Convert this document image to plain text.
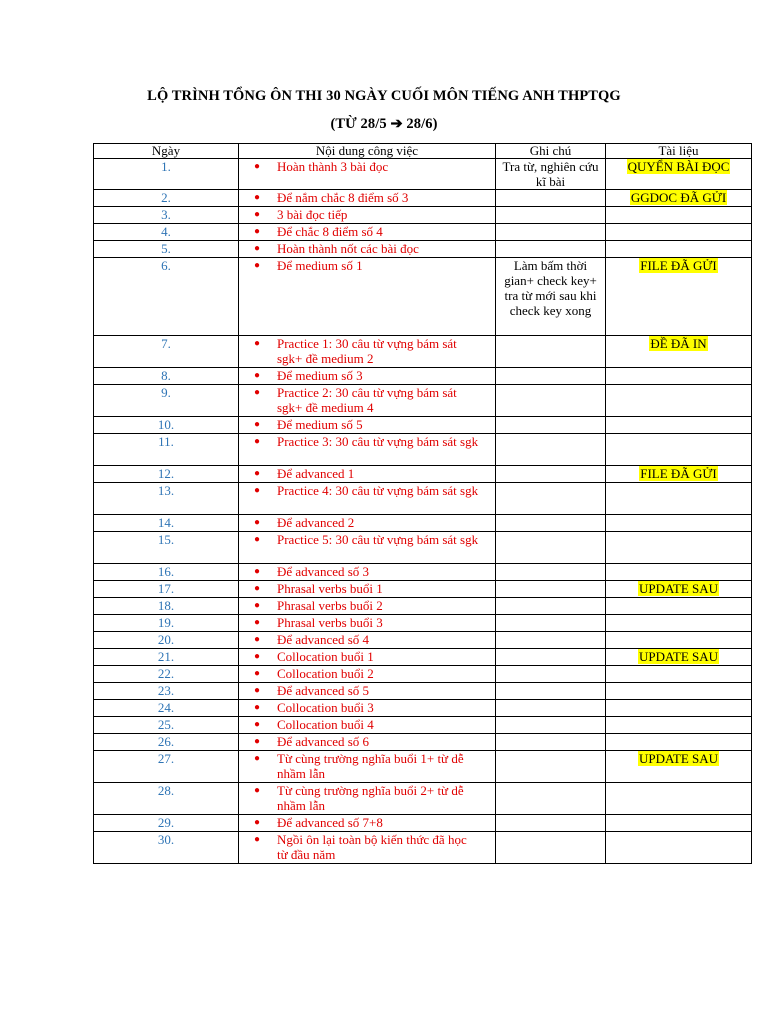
LỘ TRÌNH TỔNG ÔN THI 30 NGÀY CUỐI MÔN TIẾNG ANH THPTQG
(TỪ 28/5 ➔ 28/6)
Ngày	Nội dung công việc	Ghi chú	Tài liệu
1.	● Hoàn thành 3 bài đọc	Tra từ, nghiên cứu kĩ bài	QUYỂN BÀI ĐỌC
2.	● Để nắm chắc 8 điểm số 3		GGDOC ĐÃ GỬI
3.	● 3 bài đọc tiếp		

4.	● Để chắc 8 điểm số 4		

5.	● Hoàn thành nốt các bài đọc		

6.	● Để medium số 1	Làm bấm thời gian+ check key+ tra từ mới sau khi check key xong	FILE ĐÃ GỬI
7.	● Practice 1: 30 câu từ vựng bám sát sgk+ đề medium 2		ĐỀ ĐÃ IN
8.	● Để medium số 3		

9.	● Practice 2: 30 câu từ vựng bám sát sgk+ đề medium 4		

10.	● Để medium số 5		

11.	● Practice 3: 30 câu từ vựng bám sát sgk		

12.	● Để advanced 1		FILE ĐÃ GỬI
13.	● Practice 4: 30 câu từ vựng bám sát sgk		

14.	● Để advanced 2		

15.	● Practice 5: 30 câu từ vựng bám sát sgk		

16.	● Để advanced số 3		

17.	● Phrasal verbs buổi 1		UPDATE SAU
18.	● Phrasal verbs buổi 2		

19.	● Phrasal verbs buổi 3		

20.	● Để advanced số 4		

21.	● Collocation buổi 1		UPDATE SAU
22.	● Collocation buổi 2		

23.	● Để advanced số 5		

24.	● Collocation buổi 3		

25.	● Collocation buổi 4		

26.	● Để advanced số 6		

27.	● Từ cùng trường nghĩa buổi 1+ từ dễ nhầm lẫn		UPDATE SAU
28.	● Từ cùng trường nghĩa buổi 2+ từ dễ nhầm lẫn		

29.	● Để advanced số 7+8		

30.	● Ngồi ôn lại toàn bộ kiến thức đã học từ đầu năm		
